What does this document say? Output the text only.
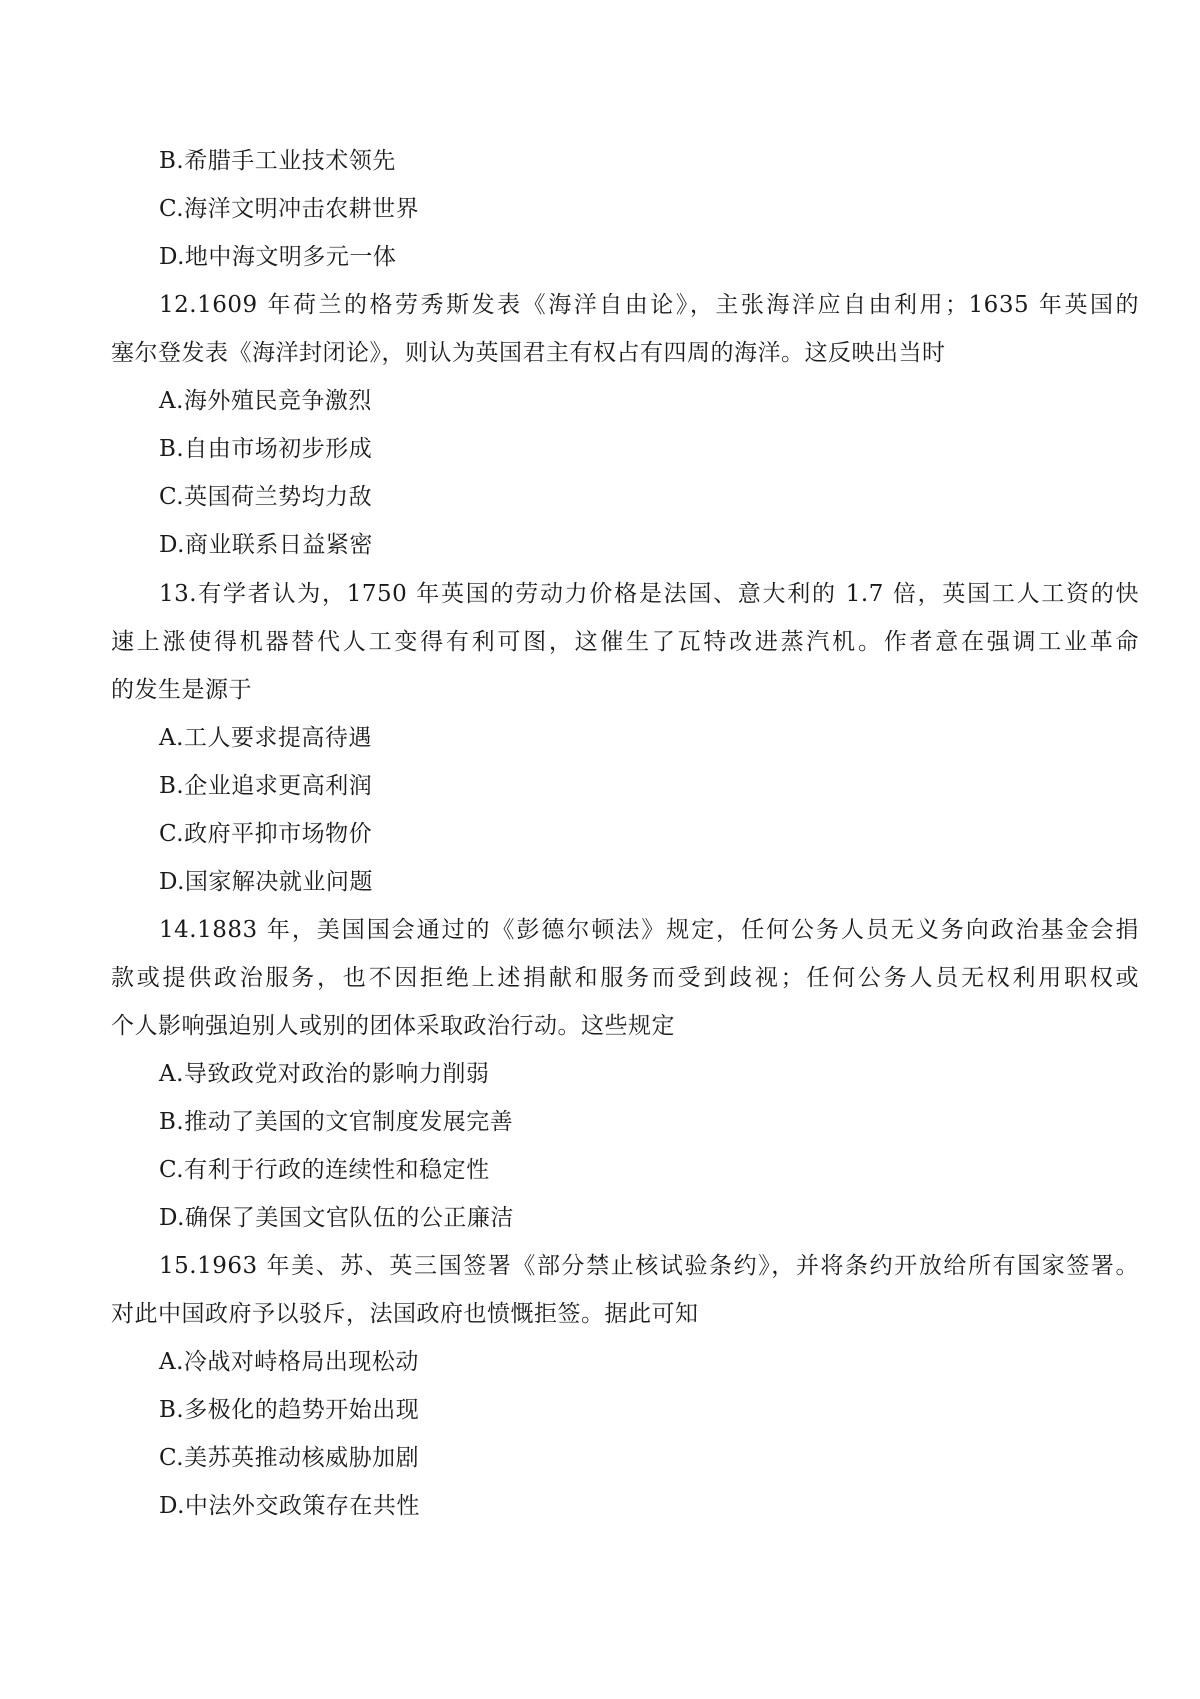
B.希腊手工业技术领先
C.海洋文明冲击农耕世界
D.地中海文明多元一体
12.1609 年荷兰的格劳秀斯发表《海洋自由论》，主张海洋应自由利用；1635 年英国的
塞尔登发表《海洋封闭论》，则认为英国君主有权占有四周的海洋。这反映出当时
A.海外殖民竞争激烈
B.自由市场初步形成
C.英国荷兰势均力敌
D.商业联系日益紧密
13.有学者认为，1750 年英国的劳动力价格是法国、意大利的 1.7 倍，英国工人工资的快
速上涨使得机器替代人工变得有利可图，这催生了瓦特改进蒸汽机。作者意在强调工业革命
的发生是源于
A.工人要求提高待遇
B.企业追求更高利润
C.政府平抑市场物价
D.国家解决就业问题
14.1883 年，美国国会通过的《彭德尔顿法》规定，任何公务人员无义务向政治基金会捐
款或提供政治服务，也不因拒绝上述捐献和服务而受到歧视；任何公务人员无权利用职权或
个人影响强迫别人或别的团体采取政治行动。这些规定
A.导致政党对政治的影响力削弱
B.推动了美国的文官制度发展完善
C.有利于行政的连续性和稳定性
D.确保了美国文官队伍的公正廉洁
15.1963 年美、苏、英三国签署《部分禁止核试验条约》，并将条约开放给所有国家签署。
对此中国政府予以驳斥，法国政府也愤慨拒签。据此可知
A.冷战对峙格局出现松动
B.多极化的趋势开始出现
C.美苏英推动核威胁加剧
D.中法外交政策存在共性
